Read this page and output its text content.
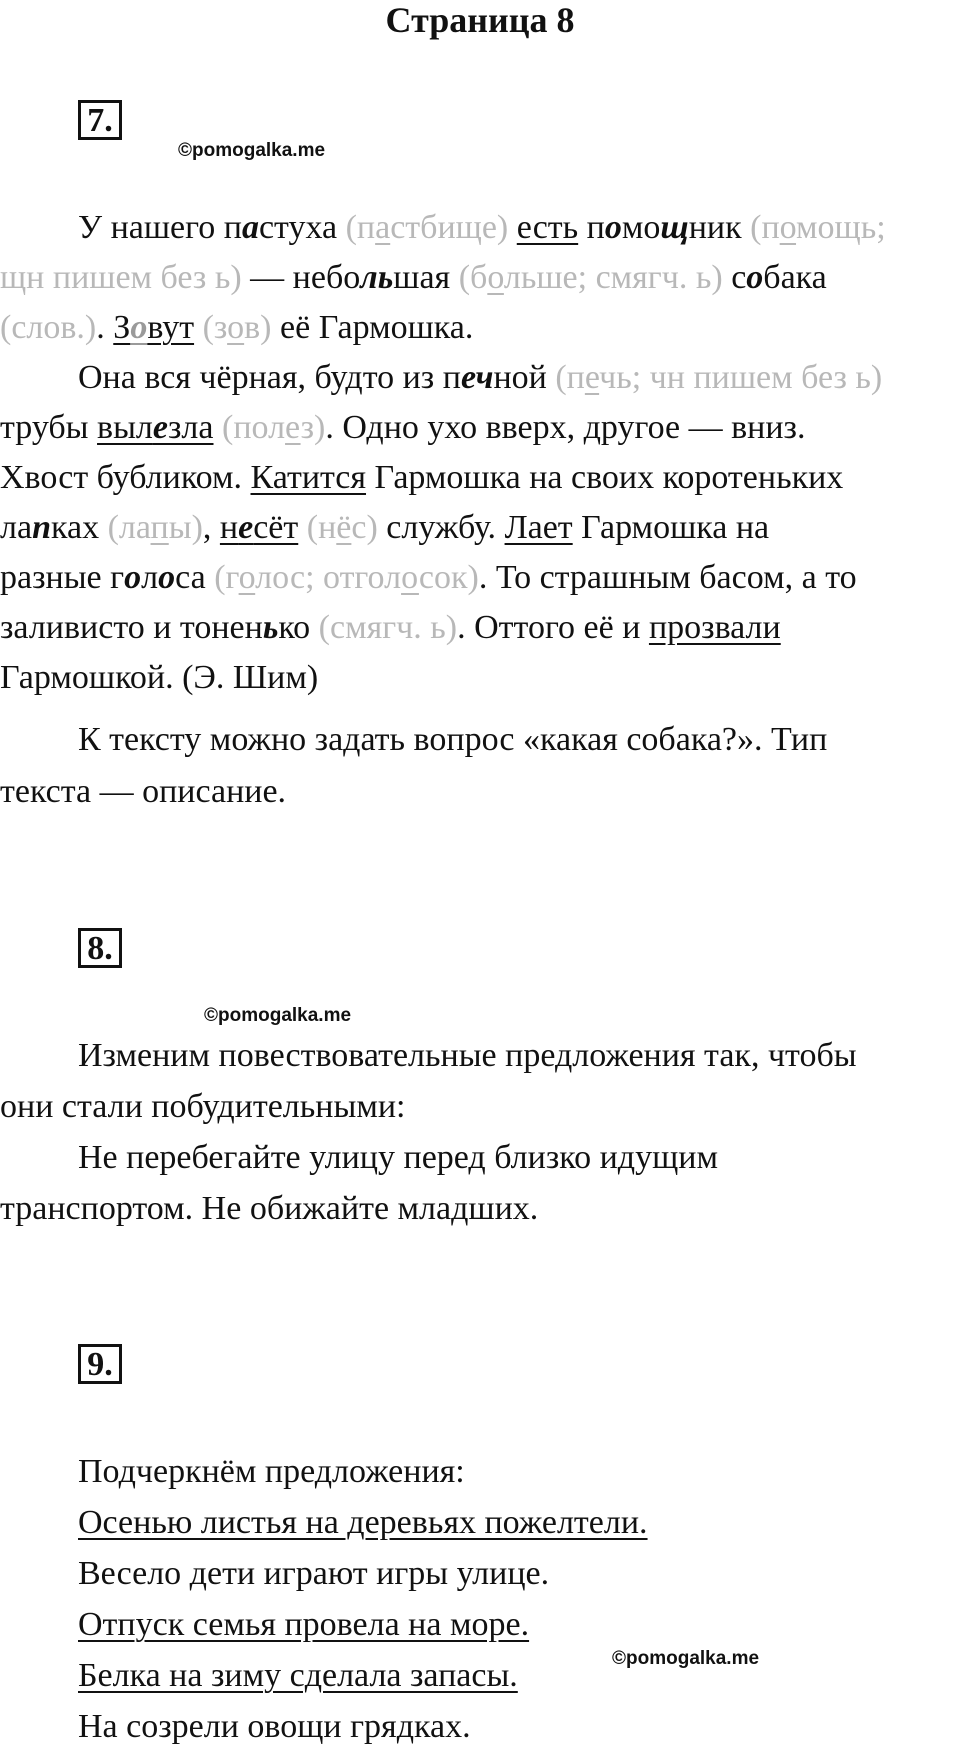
Страница 8
7.
©pomogalka.me
У нашего пастуха (пастбище) есть помощник (помощь;
щн пишем без ь) — небольшая (больше; смягч. ь) собака
(слов.). Зовут (зов) её Гармошка.
Она вся чёрная, будто из печной (печь; чн пишем без ь)
трубы вылезла (полез). Одно ухо вверх, другое — вниз.
Хвост бубликом. Катится Гармошка на своих коротеньких
лапках (лапы), несёт (нёс) службу. Лает Гармошка на
разные голоса (голос; отголосок). То страшным басом, а то
заливисто и тоненько (смягч. ь). Оттого её и прозвали
Гармошкой. (Э. Шим)
К тексту можно задать вопрос «какая собака?». Тип
текста — описание.
8.
©pomogalka.me
Изменим повествовательные предложения так, чтобы
они стали побудительными:
Не перебегайте улицу перед близко идущим
транспортом. Не обижайте младших.
9.
Подчеркнём предложения:
Осенью листья на деревьях пожелтели.
Весело дети играют игры улице.
Отпуск семья провела на море.
©pomogalka.me
Белка на зиму сделала запасы.
На созрели овощи грядках.
